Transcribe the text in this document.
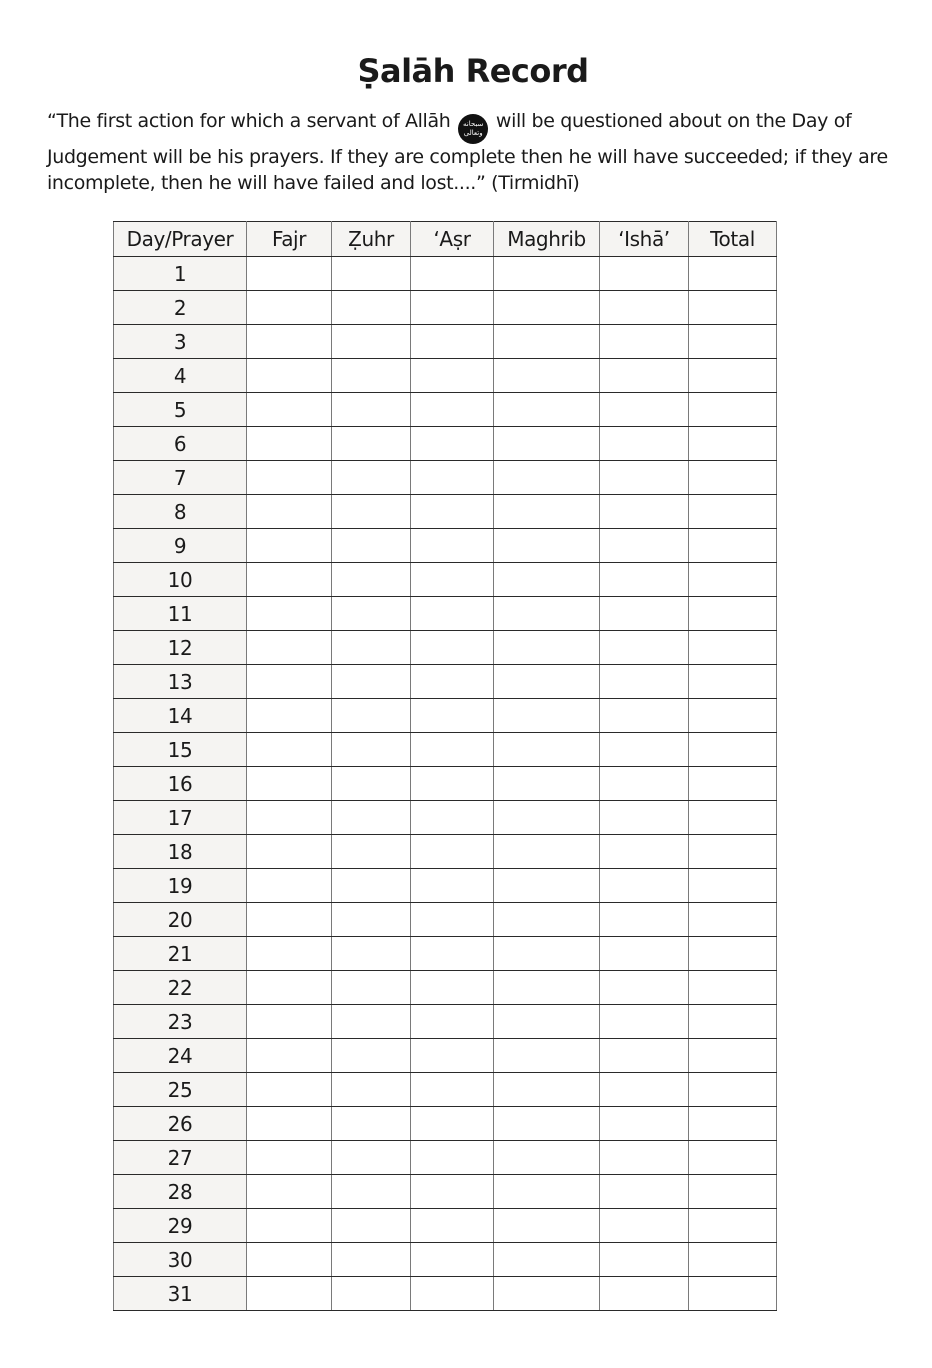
Ṣalāh Record
“The first action for which a servant of Allāh سبحانه
وتعالى will be questioned about on the Day of Judgement will be his prayers. If they are complete then he will have succeeded; if they are incomplete, then he will have failed and lost....” (Tirmidhī)
Day/Prayer	Fajr	Ẓuhr	‘Aṣr	Maghrib	‘Ishā’	Total
1						
2						
3						
4						
5						
6						
7						
8						
9						
10						
11						
12						
13						
14						
15						
16						
17						
18						
19						
20						
21						
22						
23						
24						
25						
26						
27						
28						
29						
30						
31						
